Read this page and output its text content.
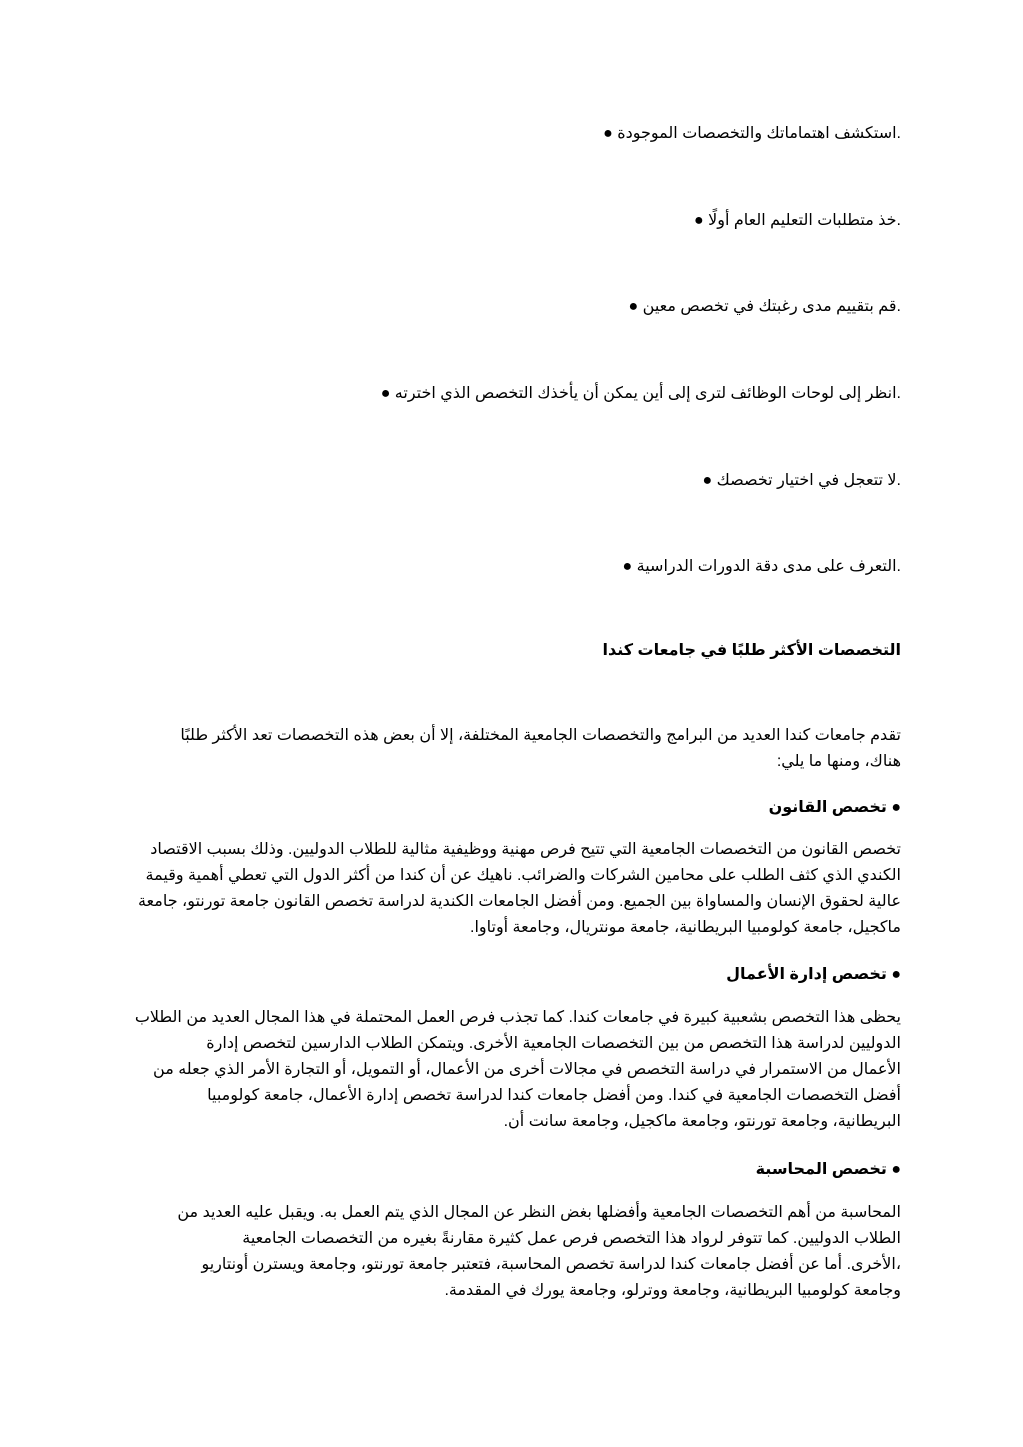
.استكشف اهتماماتك والتخصصات الموجودة ●
.خذ متطلبات التعليم العام أولًا ●
.قم بتقييم مدى رغبتك في تخصص معين ●
.انظر إلى لوحات الوظائف لترى إلى أين يمكن أن يأخذك التخصص الذي اخترته ●
.لا تتعجل في اختيار تخصصك ●
.التعرف على مدى دقة الدورات الدراسية ●
التخصصات الأكثر طلبًا في جامعات كندا
تقدم جامعات كندا العديد من البرامج والتخصصات الجامعية المختلفة، إلا أن بعض هذه التخصصات تعد الأكثر طلبًا
:هناك، ومنها ما يلي
تخصص القانون ●
تخصص القانون من التخصصات الجامعية التي تتيح فرص مهنية ووظيفية مثالية للطلاب الدوليين. وذلك بسبب الاقتصاد
الكندي الذي كثف الطلب على محامين الشركات والضرائب. ناهيك عن أن كندا من أكثر الدول التي تعطي أهمية وقيمة
عالية لحقوق الإنسان والمساواة بين الجميع. ومن أفضل الجامعات الكندية لدراسة تخصص القانون جامعة تورنتو، جامعة
.ماكجيل، جامعة كولومبيا البريطانية، جامعة مونتريال، وجامعة أوتاوا
تخصص إدارة الأعمال ●
يحظى هذا التخصص بشعبية كبيرة في جامعات كندا. كما تجذب فرص العمل المحتملة في هذا المجال العديد من الطلاب
الدوليين لدراسة هذا التخصص من بين التخصصات الجامعية الأخرى. ويتمكن الطلاب الدارسين لتخصص إدارة
الأعمال من الاستمرار في دراسة التخصص في مجالات أخرى من الأعمال، أو التمويل، أو التجارة الأمر الذي جعله من
أفضل التخصصات الجامعية في كندا. ومن أفضل جامعات كندا لدراسة تخصص إدارة الأعمال، جامعة كولومبيا
.البريطانية، وجامعة تورنتو، وجامعة ماكجيل، وجامعة سانت أن
تخصص المحاسبة ●
المحاسبة من أهم التخصصات الجامعية وأفضلها بغض النظر عن المجال الذي يتم العمل به. ويقبل عليه العديد من
الطلاب الدوليين. كما تتوفر لرواد هذا التخصص فرص عمل كثيرة مقارنةً بغيره من التخصصات الجامعية
الأخرى. أما عن أفضل جامعات كندا لدراسة تخصص المحاسبة، فتعتبر جامعة تورنتو، وجامعة ويسترن أونتاريو،
.وجامعة كولومبيا البريطانية، وجامعة ووترلو، وجامعة يورك في المقدمة
